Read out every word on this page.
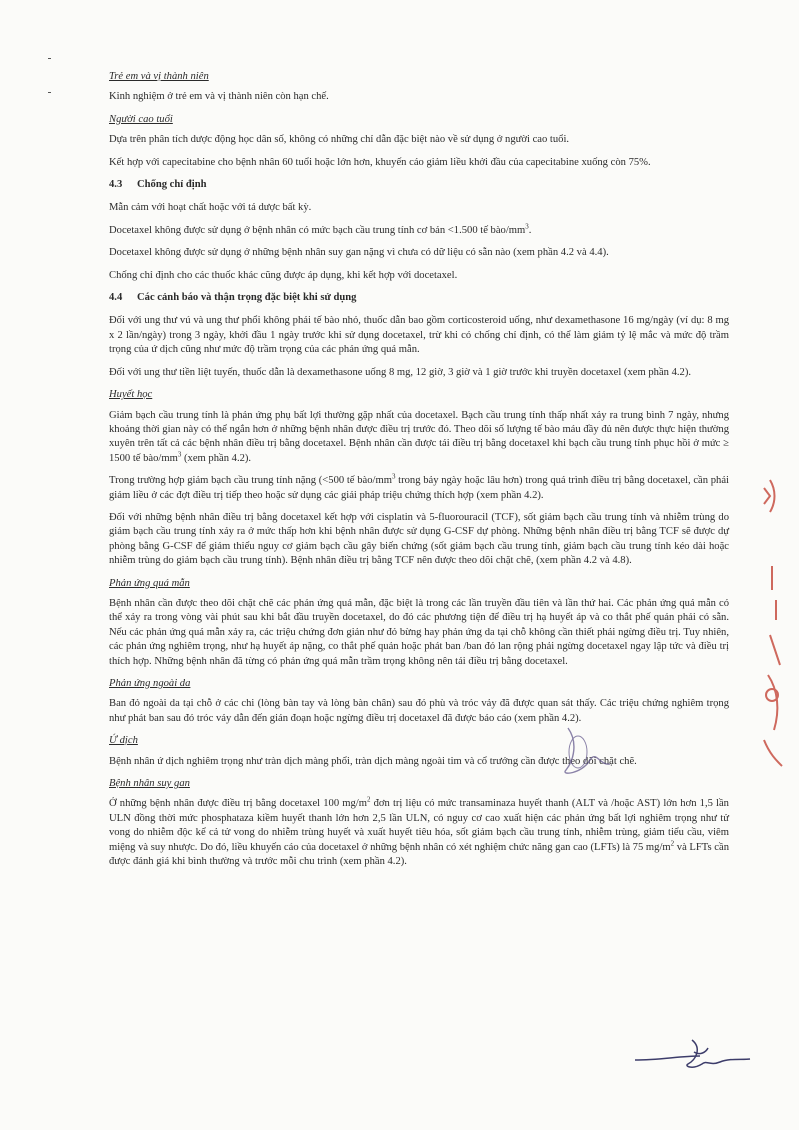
Trẻ em và vị thành niên

Kinh nghiệm ở trẻ em và vị thành niên còn hạn chế.

Người cao tuổi

Dựa trên phân tích dược động học dân số, không có những chỉ dẫn đặc biệt nào về sử dụng ở người cao tuổi.

Kết hợp với capecitabine cho bệnh nhân 60 tuổi hoặc lớn hơn, khuyến cáo giảm liều khởi đầu của capecitabine xuống còn 75%.

4.3 Chống chỉ định

Mẫn cảm với hoạt chất hoặc với tá dược bất kỳ.

Docetaxel không được sử dụng ở bệnh nhân có mức bạch cầu trung tính cơ bản <1.500 tế bào/$mm^3$.

Docetaxel không được sử dụng ở những bệnh nhân suy gan nặng vì chưa có dữ liệu có sẵn nào (xem phần 4.2 và 4.4).

Chống chỉ định cho các thuốc khác cũng được áp dụng, khi kết hợp với docetaxel.

4.4 Các cảnh báo và thận trọng đặc biệt khi sử dụng

Đối với ung thư vú và ung thư phổi không phải tế bào nhỏ, thuốc dẫn bao gồm corticosteroid uống, như dexamethasone 16 mg/ngày (ví dụ: 8 mg x 2 lần/ngày) trong 3 ngày, khởi đầu 1 ngày trước khi sử dụng docetaxel, trừ khi có chống chỉ định, có thể làm giảm tỷ lệ mắc và mức độ trầm trọng của ứ dịch cũng như mức độ trầm trọng của các phản ứng quá mẫn.

Đối với ung thư tiền liệt tuyến, thuốc dẫn là dexamethasone uống 8 mg, 12 giờ, 3 giờ và 1 giờ trước khi truyền docetaxel (xem phần 4.2).

Huyết học

Giảm bạch cầu trung tính là phản ứng phụ bất lợi thường gặp nhất của docetaxel. Bạch cầu trung tính thấp nhất xảy ra trung bình 7 ngày, nhưng khoảng thời gian này có thể ngắn hơn ở những bệnh nhân được điều trị trước đó. Theo dõi số lượng tế bào máu đầy đủ nên được thực hiện thường xuyên trên tất cả các bệnh nhân điều trị bằng docetaxel. Bệnh nhân cần được tái điều trị bằng docetaxel khi bạch cầu trung tính phục hồi ở mức ≥ 1500 tế bào/$mm^3$ (xem phần 4.2).

Trong trường hợp giảm bạch cầu trung tính nặng (<500 tế bào/$mm^3$ trong bảy ngày hoặc lâu hơn) trong quá trình điều trị bằng docetaxel, cần phải giảm liều ở các đợt điều trị tiếp theo hoặc sử dụng các giải pháp triệu chứng thích hợp (xem phần 4.2).

Đối với những bệnh nhân điều trị bằng docetaxel kết hợp với cisplatin và 5-fluorouracil (TCF), sốt giảm bạch cầu trung tính và nhiễm trùng do giảm bạch cầu trung tính xảy ra ở mức thấp hơn khi bệnh nhân được sử dụng G-CSF dự phòng. Những bệnh nhân điều trị bằng TCF sẽ được dự phòng bằng G-CSF để giảm thiểu nguy cơ giảm bạch cầu gây biến chứng (sốt giảm bạch cầu trung tính, giảm bạch cầu trung tính kéo dài hoặc nhiễm trùng do giảm bạch cầu trung tính). Bệnh nhân điều trị bằng TCF nên được theo dõi chặt chẽ, (xem phần 4.2 và 4.8).

Phản ứng quá mẫn

Bệnh nhân cần được theo dõi chặt chẽ các phản ứng quá mẫn, đặc biệt là trong các lần truyền đầu tiên và lần thứ hai. Các phản ứng quá mẫn có thể xảy ra trong vòng vài phút sau khi bắt đầu truyền docetaxel, do đó các phương tiện để điều trị hạ huyết áp và co thắt phế quản phải có sẵn. Nếu các phản ứng quá mẫn xảy ra, các triệu chứng đơn giản như đỏ bừng hay phản ứng da tại chỗ không cần thiết phải ngừng điều trị. Tuy nhiên, các phản ứng nghiêm trọng, như hạ huyết áp nặng, co thắt phế quản hoặc phát ban /ban đỏ lan rộng phải ngừng docetaxel ngay lập tức và điều trị thích hợp. Những bệnh nhân đã từng có phản ứng quá mẫn trầm trọng không nên tái điều trị bằng docetaxel.

Phản ứng ngoài da

Ban đỏ ngoài da tại chỗ ở các chi (lòng bàn tay và lòng bàn chân) sau đó phù và tróc vảy đã được quan sát thấy. Các triệu chứng nghiêm trọng như phát ban sau đó tróc vảy dẫn đến gián đoạn hoặc ngừng điều trị docetaxel đã được báo cáo (xem phần 4.2).

Ứ dịch

Bệnh nhân ứ dịch nghiêm trọng như tràn dịch màng phổi, tràn dịch màng ngoài tim và cổ trướng cần được theo dõi chặt chẽ.

Bệnh nhân suy gan

Ở những bệnh nhân được điều trị bằng docetaxel 100 $mg/m^2$ đơn trị liệu có mức transaminaza huyết thanh (ALT và /hoặc AST) lớn hơn 1,5 lần ULN đồng thời mức phosphataza kiềm huyết thanh lớn hơn 2,5 lần ULN, có nguy cơ cao xuất hiện các phản ứng bất lợi nghiêm trọng như tử vong do nhiễm độc kể cả tử vong do nhiễm trùng huyết và xuất huyết tiêu hóa, sốt giảm bạch cầu trung tính, nhiễm trùng, giảm tiểu cầu, viêm miệng và suy nhược. Do đó, liều khuyến cáo của docetaxel ở những bệnh nhân có xét nghiệm chức năng gan cao (LFTs) là 75 $mg/m^2$ và LFTs cần được đánh giá khi bình thường và trước mỗi chu trình (xem phần 4.2).
